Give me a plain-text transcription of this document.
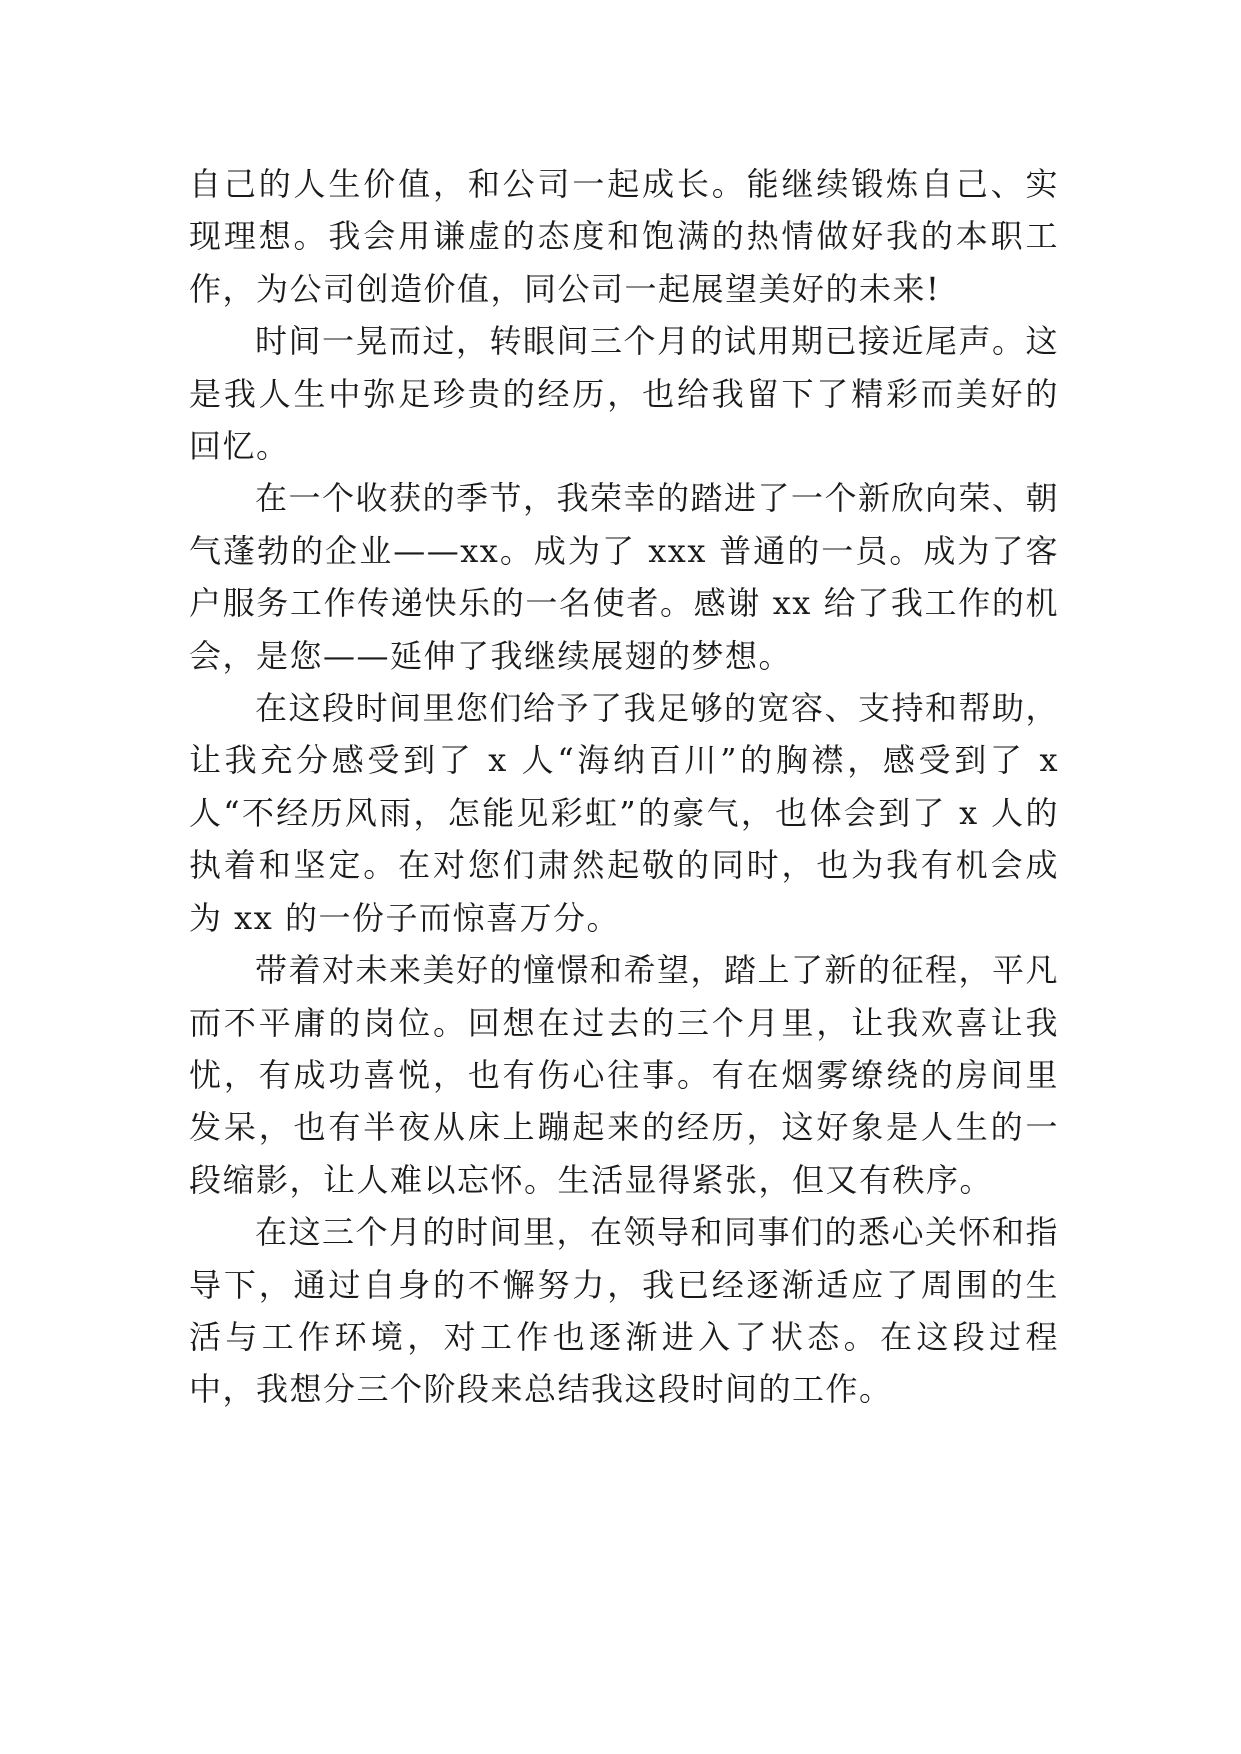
自己的人生价值，和公司一起成长。能继续锻炼自己、实现理想。我会用谦虚的态度和饱满的热情做好我的本职工作，为公司创造价值，同公司一起展望美好的未来!

时间一晃而过，转眼间三个月的试用期已接近尾声。这是我人生中弥足珍贵的经历，也给我留下了精彩而美好的回忆。

在一个收获的季节，我荣幸的踏进了一个新欣向荣、朝气蓬勃的企业——xx。成为了 xxx 普通的一员。成为了客户服务工作传递快乐的一名使者。感谢 xx 给了我工作的机会，是您——延伸了我继续展翅的梦想。

在这段时间里您们给予了我足够的宽容、支持和帮助，让我充分感受到了 x 人“海纳百川”的胸襟，感受到了 x 人“不经历风雨，怎能见彩虹”的豪气，也体会到了 x 人的执着和坚定。在对您们肃然起敬的同时，也为我有机会成为 xx 的一份子而惊喜万分。

带着对未来美好的憧憬和希望，踏上了新的征程，平凡而不平庸的岗位。回想在过去的三个月里，让我欢喜让我忧，有成功喜悦，也有伤心往事。有在烟雾缭绕的房间里发呆，也有半夜从床上蹦起来的经历，这好象是人生的一段缩影，让人难以忘怀。生活显得紧张，但又有秩序。

在这三个月的时间里，在领导和同事们的悉心关怀和指导下，通过自身的不懈努力，我已经逐渐适应了周围的生活与工作环境，对工作也逐渐进入了状态。在这段过程中，我想分三个阶段来总结我这段时间的工作。
